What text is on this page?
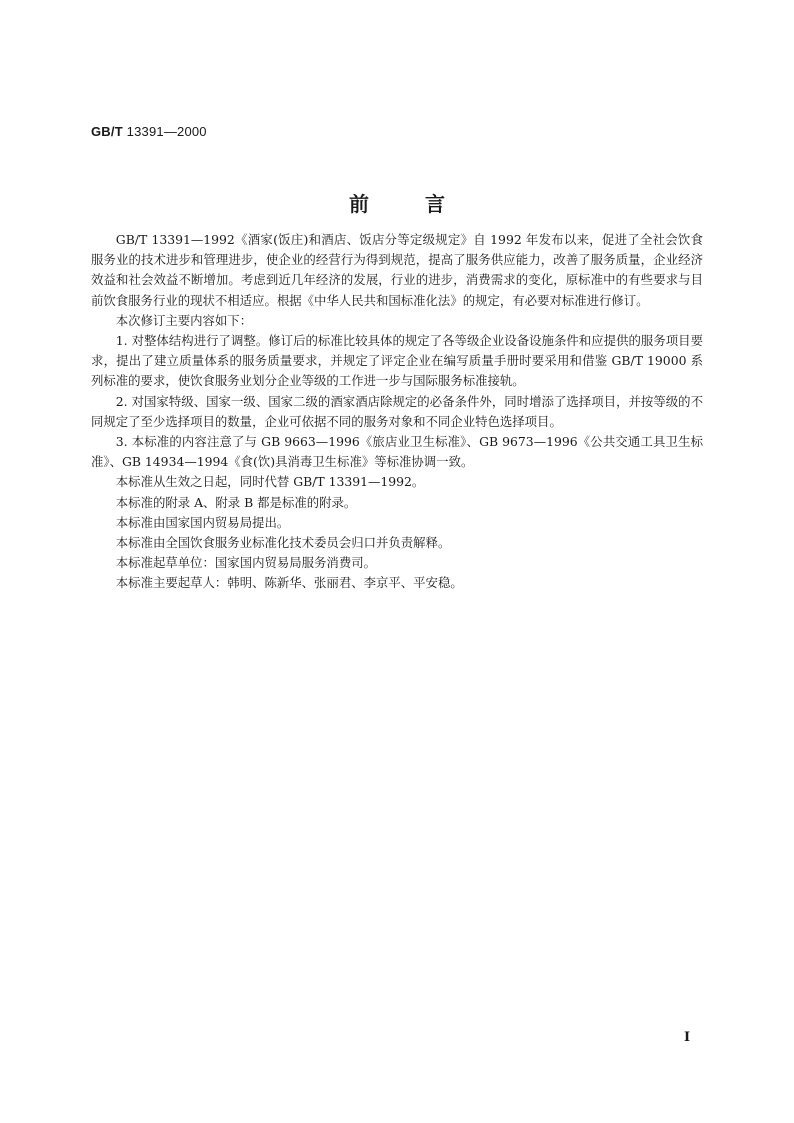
GB/T 13391—2000
前言

GB/T 13391—1992《酒家(饭庄)和酒店、饭店分等定级规定》自 1992 年发布以来，促进了全社会饮食服务业的技术进步和管理进步，使企业的经营行为得到规范，提高了服务供应能力，改善了服务质量，企业经济效益和社会效益不断增加。考虑到近几年经济的发展，行业的进步，消费需求的变化，原标准中的有些要求与目前饮食服务行业的现状不相适应。根据《中华人民共和国标准化法》的规定，有必要对标准进行修订。

本次修订主要内容如下：

1. 对整体结构进行了调整。修订后的标准比较具体的规定了各等级企业设备设施条件和应提供的服务项目要求，提出了建立质量体系的服务质量要求，并规定了评定企业在编写质量手册时要采用和借鉴 GB/T 19000 系列标准的要求，使饮食服务业划分企业等级的工作进一步与国际服务标准接轨。

2. 对国家特级、国家一级、国家二级的酒家酒店除规定的必备条件外，同时增添了选择项目，并按等级的不同规定了至少选择项目的数量，企业可依据不同的服务对象和不同企业特色选择项目。

3. 本标准的内容注意了与 GB 9663—1996《旅店业卫生标准》、GB 9673—1996《公共交通工具卫生标准》、GB 14934—1994《食(饮)具消毒卫生标准》等标准协调一致。

本标准从生效之日起，同时代替 GB/T 13391—1992。

本标准的附录 A、附录 B 都是标准的附录。

本标准由国家国内贸易局提出。

本标准由全国饮食服务业标准化技术委员会归口并负责解释。

本标准起草单位：国家国内贸易局服务消费司。

本标准主要起草人：韩明、陈新华、张丽君、李京平、平安稳。

I
